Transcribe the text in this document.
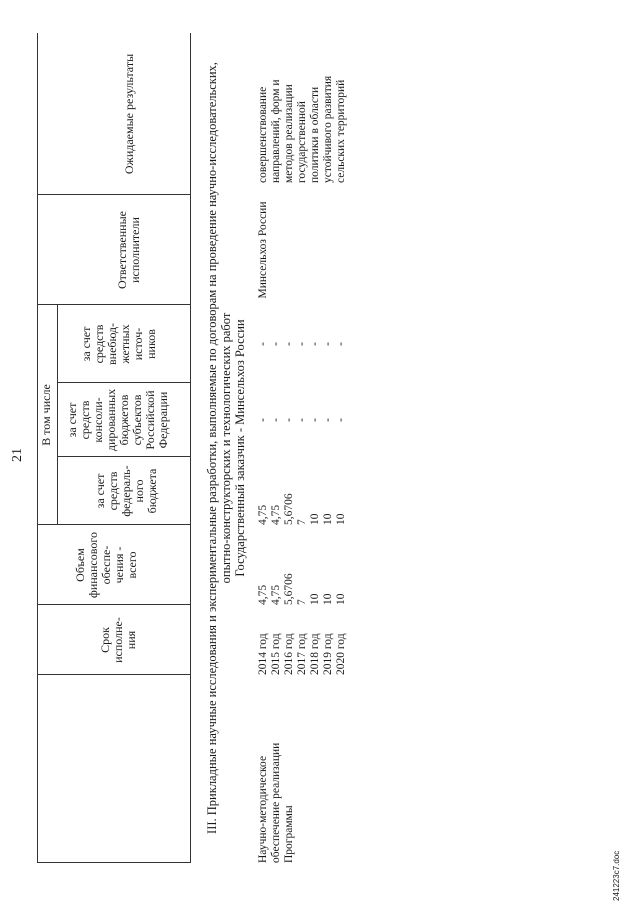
21
Срок
исполне-
ния
Объем
финансового
обеспе-
чения -
всего
В том числе
за счет
средств
федераль-
ного
бюджета
за счет
средств
консоли-
дированных
бюджетов
субъектов
Российской
Федерации
за счет
средств
внебюд-
жетных
источ-
ников
Ответственные
исполнители
Ожидаемые результаты
III. Прикладные научные исследования и экспериментальные разработки, выполняемые по договорам на проведение научно-исследовательских,
опытно-конструкторских и технологических работ
Государственный заказчик - Минсельхоз России
Научно-методическое
обеспечение реализации
Программы
2014 год 2015 год 2016 год 2017 год 2018 год 2019 год 2020 год
4,75 4,75 5,6706 7 10 10 10
4,75 4,75 5,6706 7 10 10 10
- - - - - - -
- - - - - - -
Минсельхоз России
совершенствование
направлений, форм и
методов реализации
государственной
политики в области
устойчивого развития
сельских территорий
241223с7.doc
